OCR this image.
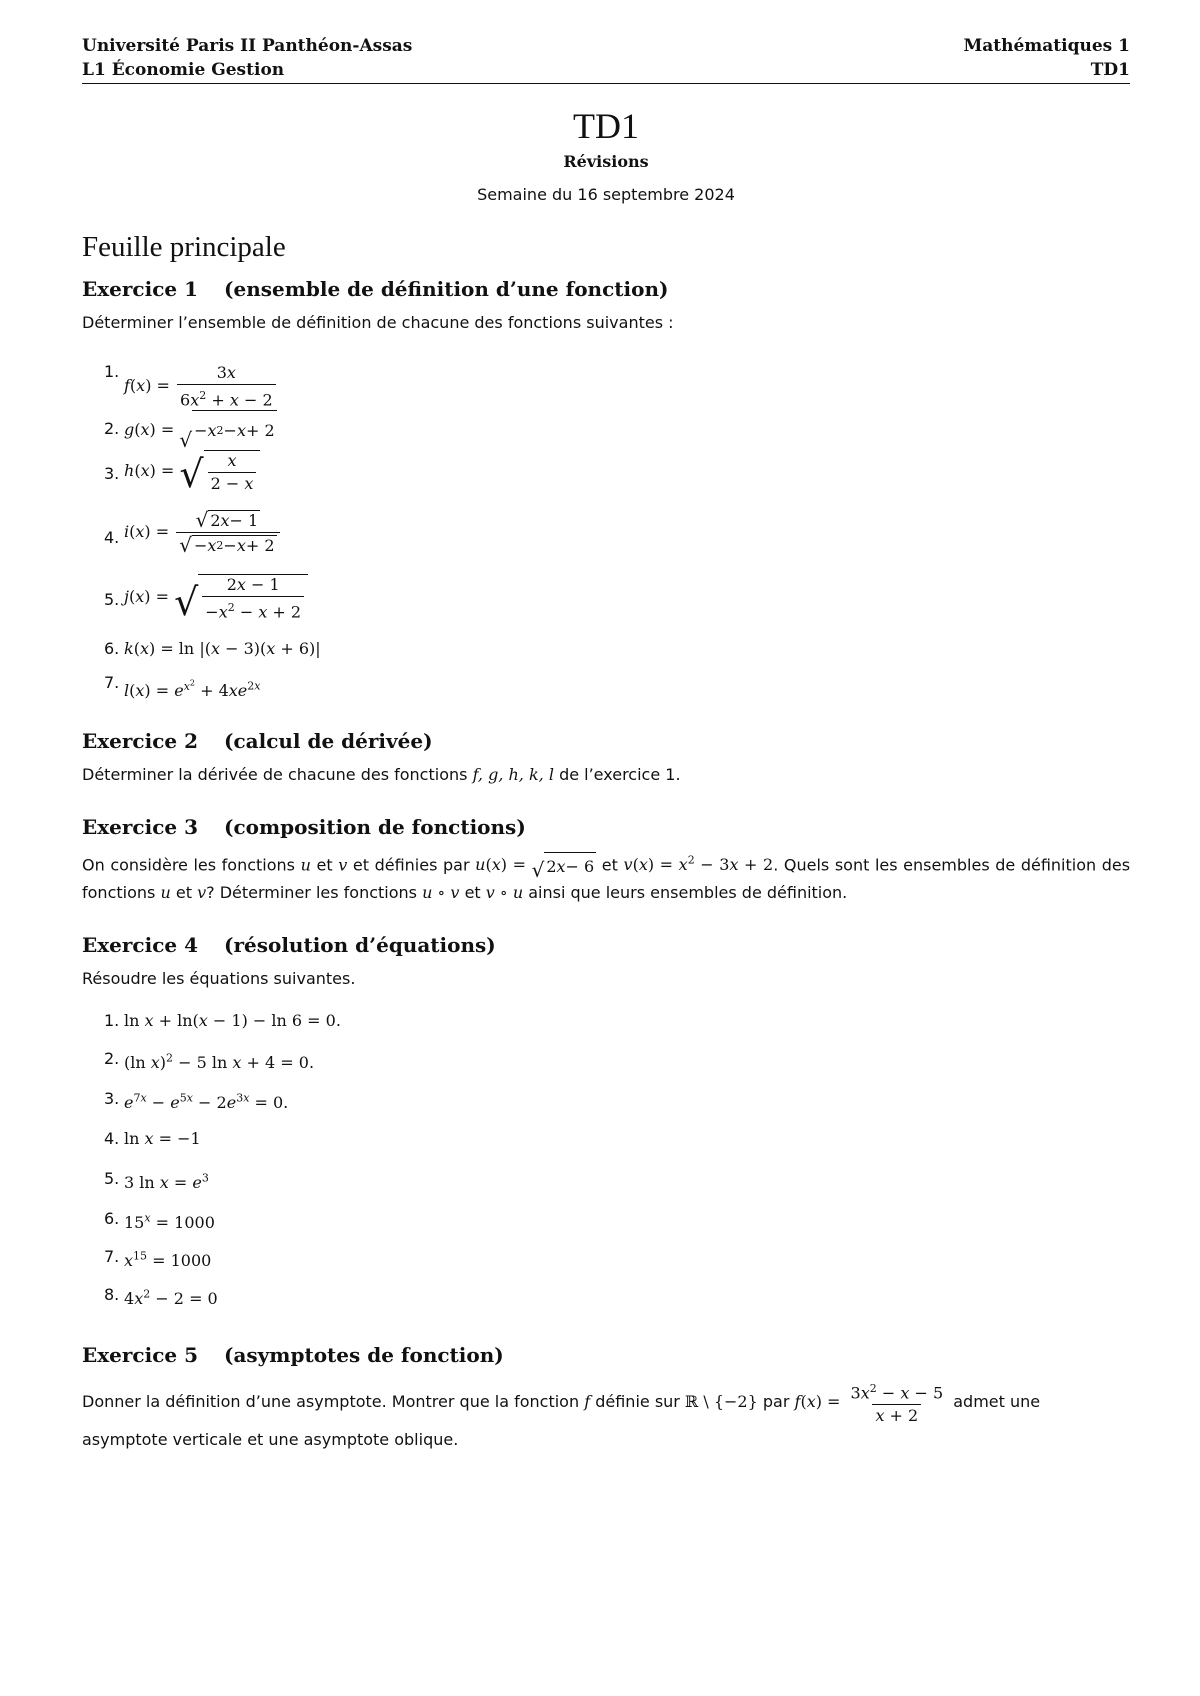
Université Paris II Panthéon-Assas
L1 Économie Gestion
Mathématiques 1
TD1
TD1
Révisions
Semaine du 16 septembre 2024
Feuille principale
Exercice 1 (ensemble de définition d’une fonction)

Déterminer l’ensemble de définition de chacune des fonctions suivantes :

1.
$f(x) = \frac{3x}{6x^2 + x - 2}$
2. g(x) = √ − x 2 − x + 2
3. h(x) = √ $\frac{x}{2 - x}$
4. $i(x) = \frac{√ 2 x - 1}{√ - x 2 - x + 2}$
5. j(x) = √ $\frac{2x - 1}{-x^2 - x + 2}$
6. k(x) = ln |(x − 3)(x + 6)|
7. $l(x) = e^{x^2} + 4xe^{2x}$
Exercice 2 (calcul de dérivée)

Déterminer la dérivée de chacune des fonctions f, g, h, k, l de l’exercice 1.

Exercice 3 (composition de fonctions)

On considère les fonctions u et v et définies par u(x) = √ 2 x − 6 et $v(x) = x^2 - 3x + 2$. Quels sont les ensembles de définition des fonctions u et v? Déterminer les fonctions u ∘ v et v ∘ u ainsi que leurs ensembles de définition.

Exercice 4 (résolution d’équations)

Résoudre les équations suivantes.

1. ln x + ln(x − 1) − ln 6 = 0.
2. (ln x)$^2$ − 5 ln x + 4 = 0.
3. $e^{7x} - e^{5x} - 2e^{3x} = 0$.
4. ln x = −1
5. 3 $\ln x = e^3$
6. $15^x = 1000$
7. $x^{15} = 1000$
8. $4x^2 - 2 = 0$
Exercice 5 (asymptotes de fonction)

Donner la définition d’une asymptote. Montrer que la fonction f définie sur ℝ \ {−2} par $f(x) = \frac{3x^2 - x - 5}{x + 2}$ admet une asymptote verticale et une asymptote oblique.
